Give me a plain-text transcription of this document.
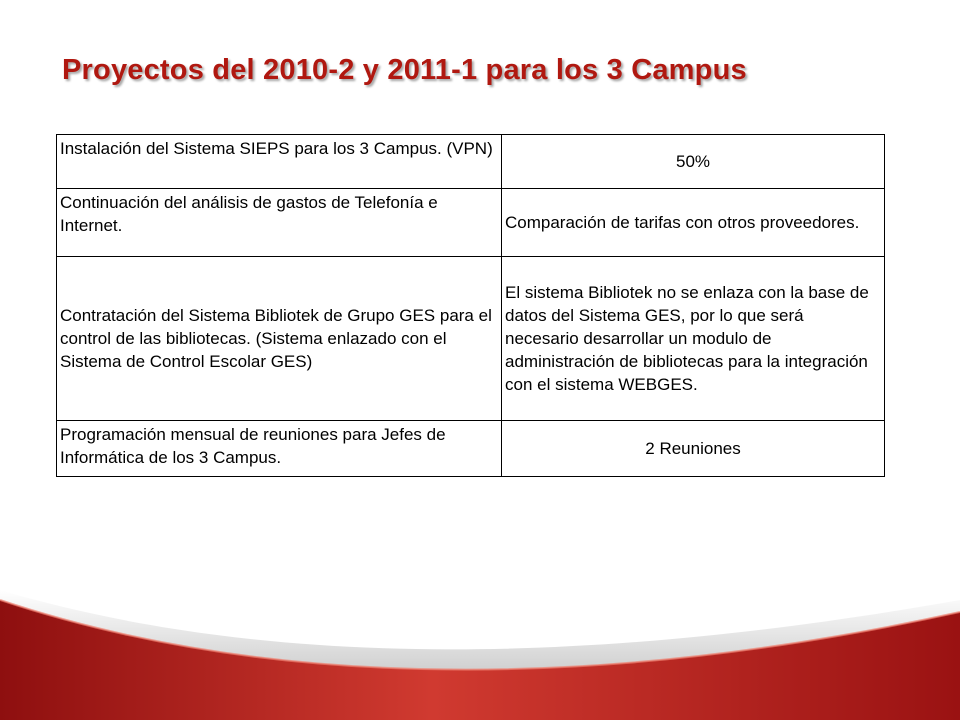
Proyectos del 2010-2 y 2011-1 para los 3 Campus
Instalación del Sistema SIEPS para los 3 Campus. (VPN)	50%
Continuación del análisis de gastos de Telefonía e Internet.	Comparación de tarifas con otros proveedores.
Contratación del Sistema Bibliotek de Grupo GES para el control de las bibliotecas. (Sistema enlazado con el Sistema de Control Escolar GES)	El sistema Bibliotek no se enlaza con la base de datos del Sistema GES, por lo que será necesario desarrollar un modulo de administración de bibliotecas para la integración con el sistema WEBGES.
Programación mensual de reuniones para Jefes de Informática de los 3 Campus.	2 Reuniones
